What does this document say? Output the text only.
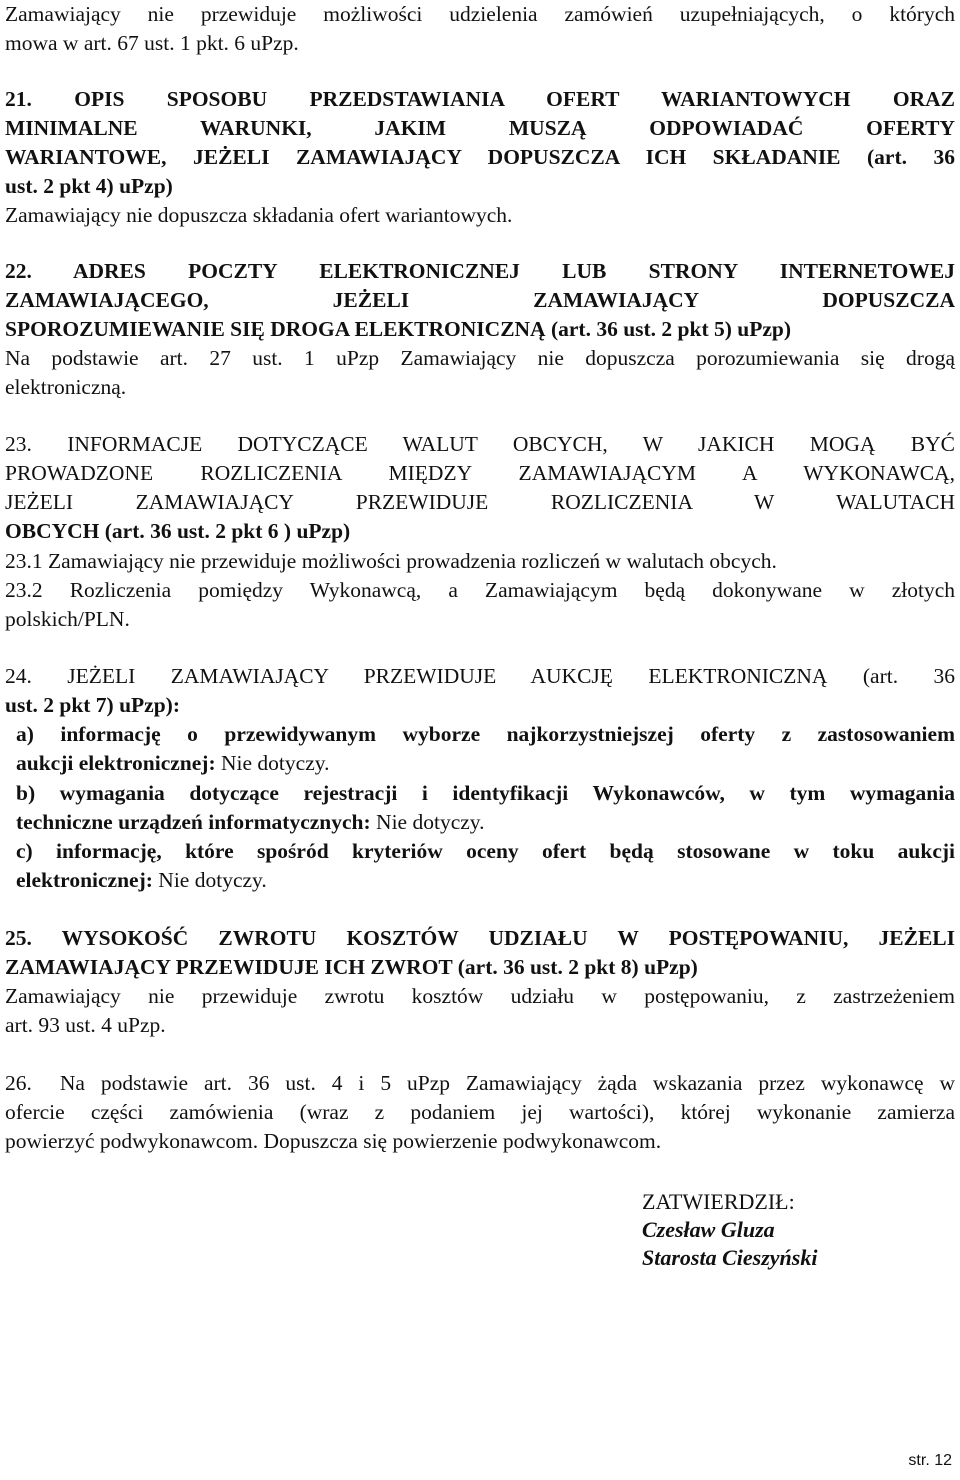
Zamawiający nie przewiduje możliwości udzielenia zamówień uzupełniających, o których
mowa w art. 67 ust. 1 pkt. 6 uPzp.
21. OPIS SPOSOBU PRZEDSTAWIANIA OFERT WARIANTOWYCH ORAZ
MINIMALNE WARUNKI, JAKIM MUSZĄ ODPOWIADAĆ OFERTY
WARIANTOWE, JEŻELI ZAMAWIAJĄCY DOPUSZCZA ICH SKŁADANIE (art. 36
ust. 2 pkt 4) uPzp)
Zamawiający nie dopuszcza składania ofert wariantowych.
22. ADRES POCZTY ELEKTRONICZNEJ LUB STRONY INTERNETOWEJ
ZAMAWIAJĄCEGO, JEŻELI ZAMAWIAJĄCY DOPUSZCZA
SPOROZUMIEWANIE SIĘ DROGA ELEKTRONICZNĄ (art. 36 ust. 2 pkt 5) uPzp)
Na podstawie art. 27 ust. 1 uPzp Zamawiający nie dopuszcza porozumiewania się drogą
elektroniczną.
23. INFORMACJE DOTYCZĄCE WALUT OBCYCH, W JAKICH MOGĄ BYĆ
PROWADZONE ROZLICZENIA MIĘDZY ZAMAWIAJĄCYM A WYKONAWCĄ,
JEŻELI ZAMAWIAJĄCY PRZEWIDUJE ROZLICZENIA W WALUTACH
OBCYCH (art. 36 ust. 2 pkt 6 ) uPzp)
23.1 Zamawiający nie przewiduje możliwości prowadzenia rozliczeń w walutach obcych.
23.2 Rozliczenia pomiędzy Wykonawcą, a Zamawiającym będą dokonywane w złotych
polskich/PLN.
24. JEŻELI ZAMAWIAJĄCY PRZEWIDUJE AUKCJĘ ELEKTRONICZNĄ (art. 36
ust. 2 pkt 7) uPzp):
a) informację o przewidywanym wyborze najkorzystniejszej oferty z zastosowaniem
aukcji elektronicznej: Nie dotyczy.
b) wymagania dotyczące rejestracji i identyfikacji Wykonawców, w tym wymagania
techniczne urządzeń informatycznych: Nie dotyczy.
c) informację, które spośród kryteriów oceny ofert będą stosowane w toku aukcji
elektronicznej: Nie dotyczy.
25. WYSOKOŚĆ ZWROTU KOSZTÓW UDZIAŁU W POSTĘPOWANIU, JEŻELI
ZAMAWIAJĄCY PRZEWIDUJE ICH ZWROT (art. 36 ust. 2 pkt 8) uPzp)
Zamawiający nie przewiduje zwrotu kosztów udziału w postępowaniu, z zastrzeżeniem
art. 93 ust. 4 uPzp.
26. Na podstawie art. 36 ust. 4 i 5 uPzp Zamawiający żąda wskazania przez wykonawcę w
ofercie części zamówienia (wraz z podaniem jej wartości), której wykonanie zamierza
powierzyć podwykonawcom. Dopuszcza się powierzenie podwykonawcom.
ZATWIERDZIŁ:
Czesław Gluza
Starosta Cieszyński
str. 12
